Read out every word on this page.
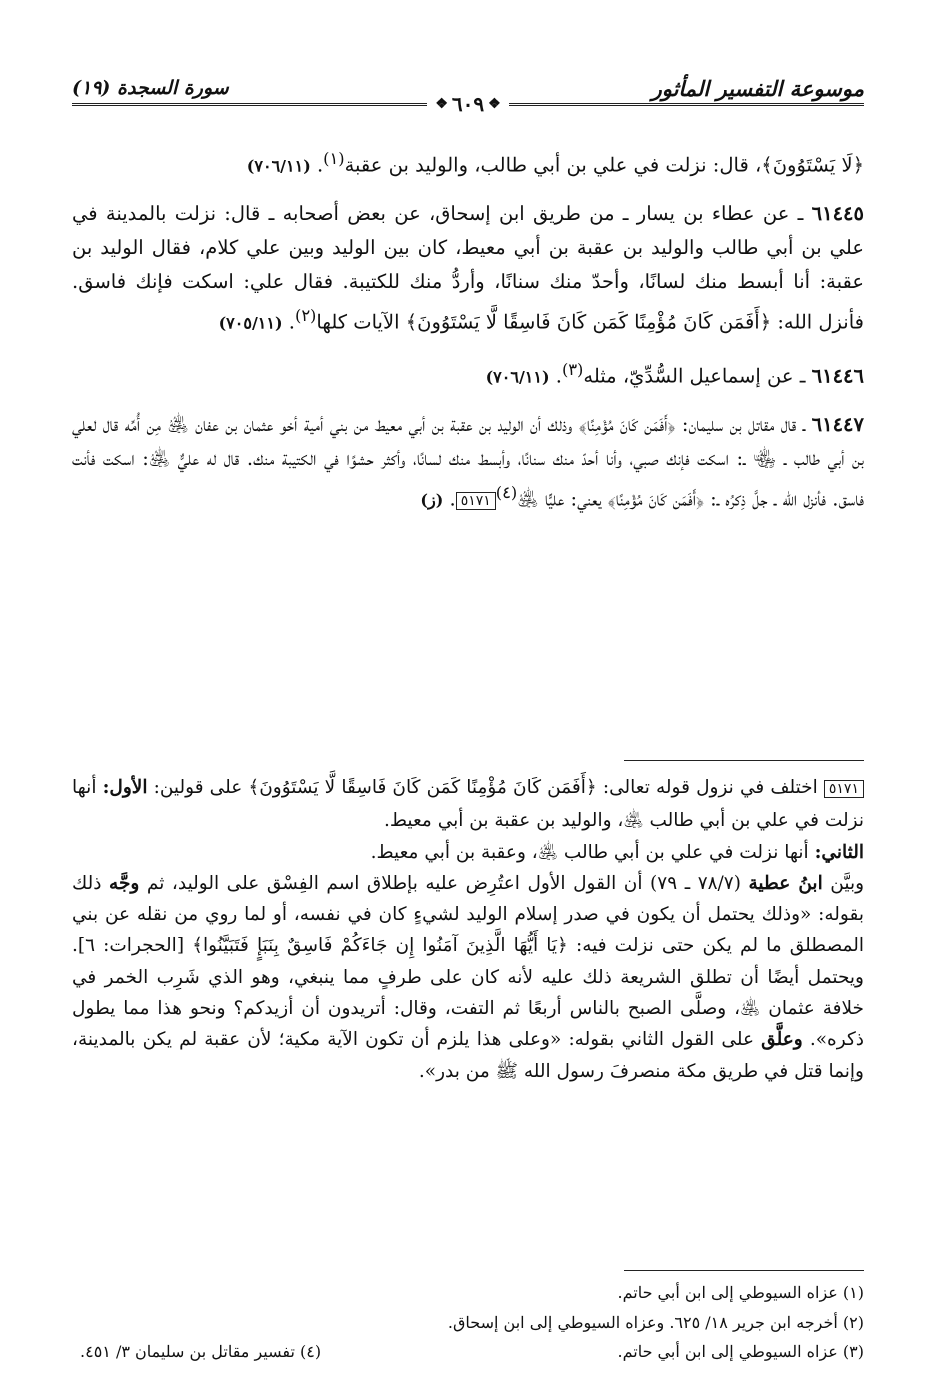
موسوعة التفسير المأثور
سورة السجدة (١٩)
❖
٦٠٩
❖

﴿لَا يَسْتَوُونَ﴾، قال: نزلت في علي بن أبي طالب، والوليد بن عقبة$^{(١)}$. (٧٠٦/١١)

٦١٤٤٥ ـ عن عطاء بن يسار ـ من طريق ابن إسحاق، عن بعض أصحابه ـ قال: نزلت بالمدينة في علي بن أبي طالب والوليد بن عقبة بن أبي معيط، كان بين الوليد وبين علي كلام، فقال الوليد بن عقبة: أنا أبسط منك لسانًا، وأحدّ منك سنانًا، وأردُّ منك للكتيبة. فقال علي: اسكت فإنك فاسق. فأنزل الله: ﴿أَفَمَن كَانَ مُؤْمِنًا كَمَن كَانَ فَاسِقًا لَّا يَسْتَوُونَ﴾ الآيات كلها$^{(٢)}$. (٧٠٥/١١)

٦١٤٤٦ ـ عن إسماعيل السُّدِّيّ، مثله$^{(٣)}$. (٧٠٦/١١)

٦١٤٤٧ ـ قال مقاتل بن سليمان: ﴿أَفَمَن كَانَ مُؤْمِنًا﴾ وذلك أن الوليد بن عقبة بن أبي معيط من بني أمية أخو عثمان بن عفان ﵁ مِن أُمِّه قال لعلي بن أبي طالب ـ ﵄ ـ: اسكت فإنك صبي، وأنا أحدّ منك سنانًا، وأبسط منك لسانًا، وأكثر حشوًا في الكتيبة منك. قال له عليٌّ ﵁: اسكت فأنت فاسق. فأنزل الله ـ جلَّ ذِكرُه ـ: ﴿أَفَمَن كَانَ مُؤْمِنًا﴾ يعني: عليًّا ﵁$^{(٤)}$٥١٧١. (ز)

٥١٧١ اختلف في نزول قوله تعالى: ﴿أَفَمَن كَانَ مُؤْمِنًا كَمَن كَانَ فَاسِقًا لَّا يَسْتَوُونَ﴾ على قولين: الأول: أنها نزلت في علي بن أبي طالب ﵁، والوليد بن عقبة بن أبي معيط.

الثاني: أنها نزلت في علي بن أبي طالب ﵁، وعقبة بن أبي معيط.

وبيَّن ابنُ عطية (٧٨/٧ ـ ٧٩) أن القول الأول اعتُرِض عليه بإطلاق اسم الفِسْق على الوليد، ثم وجَّه ذلك بقوله: «وذلك يحتمل أن يكون في صدر إسلام الوليد لشيءٍ كان في نفسه، أو لما روي من نقله عن بني المصطلق ما لم يكن حتى نزلت فيه: ﴿يَا أَيُّهَا الَّذِينَ آمَنُوا إِن جَاءَكُمْ فَاسِقٌ بِنَبَإٍ فَتَبَيَّنُوا﴾ [الحجرات: ٦]. ويحتمل أيضًا أن تطلق الشريعة ذلك عليه لأنه كان على طرفٍ مما ينبغي، وهو الذي شَرِب الخمر في خلافة عثمان ﵁، وصلَّى الصبح بالناس أربعًا ثم التفت، وقال: أتريدون أن أزيدكم؟ ونحو هذا مما يطول ذكره». وعلَّق على القول الثاني بقوله: «وعلى هذا يلزم أن تكون الآية مكية؛ لأن عقبة لم يكن بالمدينة، وإنما قتل في طريق مكة منصرفَ رسول الله ﷺ من بدر».

(١) عزاه السيوطي إلى ابن أبي حاتم.
(٢) أخرجه ابن جرير ١٨/ ٦٢٥. وعزاه السيوطي إلى ابن إسحاق.
(٣) عزاه السيوطي إلى ابن أبي حاتم.
(٤) تفسير مقاتل بن سليمان ٣/ ٤٥١.
